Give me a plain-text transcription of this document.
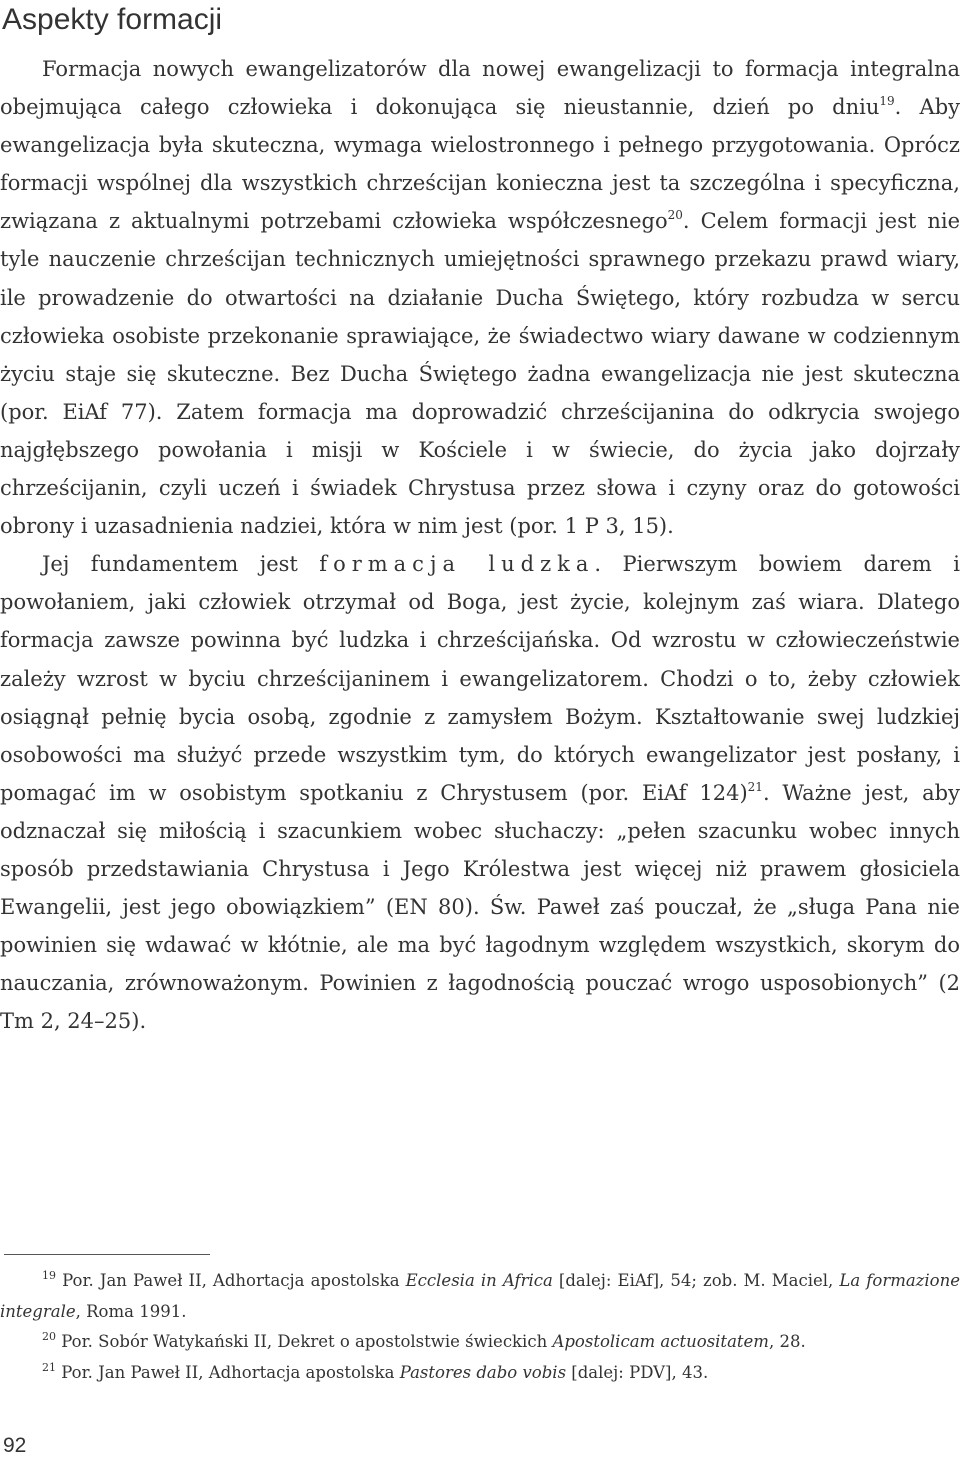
Aspekty formacji

Formacja nowych ewangelizatorów dla nowej ewangelizacji to formacja integralna obejmująca całego człowieka i dokonująca się nieustannie, dzień po dniu$^{19}$. Aby ewangelizacja była skuteczna, wymaga wielostronnego i pełnego przygotowania. Oprócz formacji wspólnej dla wszystkich chrześcijan konieczna jest ta szczególna i specyficzna, związana z aktualnymi potrzebami człowieka współczesnego$^{20}$. Celem formacji jest nie tyle nauczenie chrześcijan technicznych umiejętności sprawnego przekazu prawd wiary, ile prowadzenie do otwartości na działanie Ducha Świętego, który rozbudza w sercu człowieka osobiste przekonanie sprawiające, że świadectwo wiary dawane w codziennym życiu staje się skuteczne. Bez Ducha Świętego żadna ewangelizacja nie jest skuteczna (por. EiAf 77). Zatem formacja ma doprowadzić chrześcijanina do odkrycia swojego najgłębszego powołania i misji w Kościele i w świecie, do życia jako dojrzały chrześcijanin, czyli uczeń i świadek Chrystusa przez słowa i czyny oraz do gotowości obrony i uzasadnienia nadziei, która w nim jest (por. 1 P 3, 15).

Jej fundamentem jest formacja ludzka. Pierwszym bowiem darem i powołaniem, jaki człowiek otrzymał od Boga, jest życie, kolejnym zaś wiara. Dlatego formacja zawsze powinna być ludzka i chrześcijańska. Od wzrostu w człowieczeństwie zależy wzrost w byciu chrześcijaninem i ewangelizatorem. Chodzi o to, żeby człowiek osiągnął pełnię bycia osobą, zgodnie z zamysłem Bożym. Kształtowanie swej ludzkiej osobowości ma służyć przede wszystkim tym, do których ewangelizator jest posłany, i pomagać im w osobistym spotkaniu z Chrystusem (por. EiAf 124)$^{21}$. Ważne jest, aby odznaczał się miłością i szacunkiem wobec słuchaczy: „pełen szacunku wobec innych sposób przedstawiania Chrystusa i Jego Królestwa jest więcej niż prawem głosiciela Ewangelii, jest jego obowiązkiem” (EN 80). Św. Paweł zaś pouczał, że „sługa Pana nie powinien się wdawać w kłótnie, ale ma być łagodnym względem wszystkich, skorym do nauczania, zrównoważonym. Powinien z łagodnością pouczać wrogo usposobionych” (2 Tm 2, 24–25).

$^{19}$ Por. Jan Paweł II, Adhortacja apostolska Ecclesia in Africa [dalej: EiAf], 54; zob. M. Maciel, La formazione integrale, Roma 1991.

$^{20}$ Por. Sobór Watykański II, Dekret o apostolstwie świeckich Apostolicam actuositatem, 28.

$^{21}$ Por. Jan Paweł II, Adhortacja apostolska Pastores dabo vobis [dalej: PDV], 43.

92
